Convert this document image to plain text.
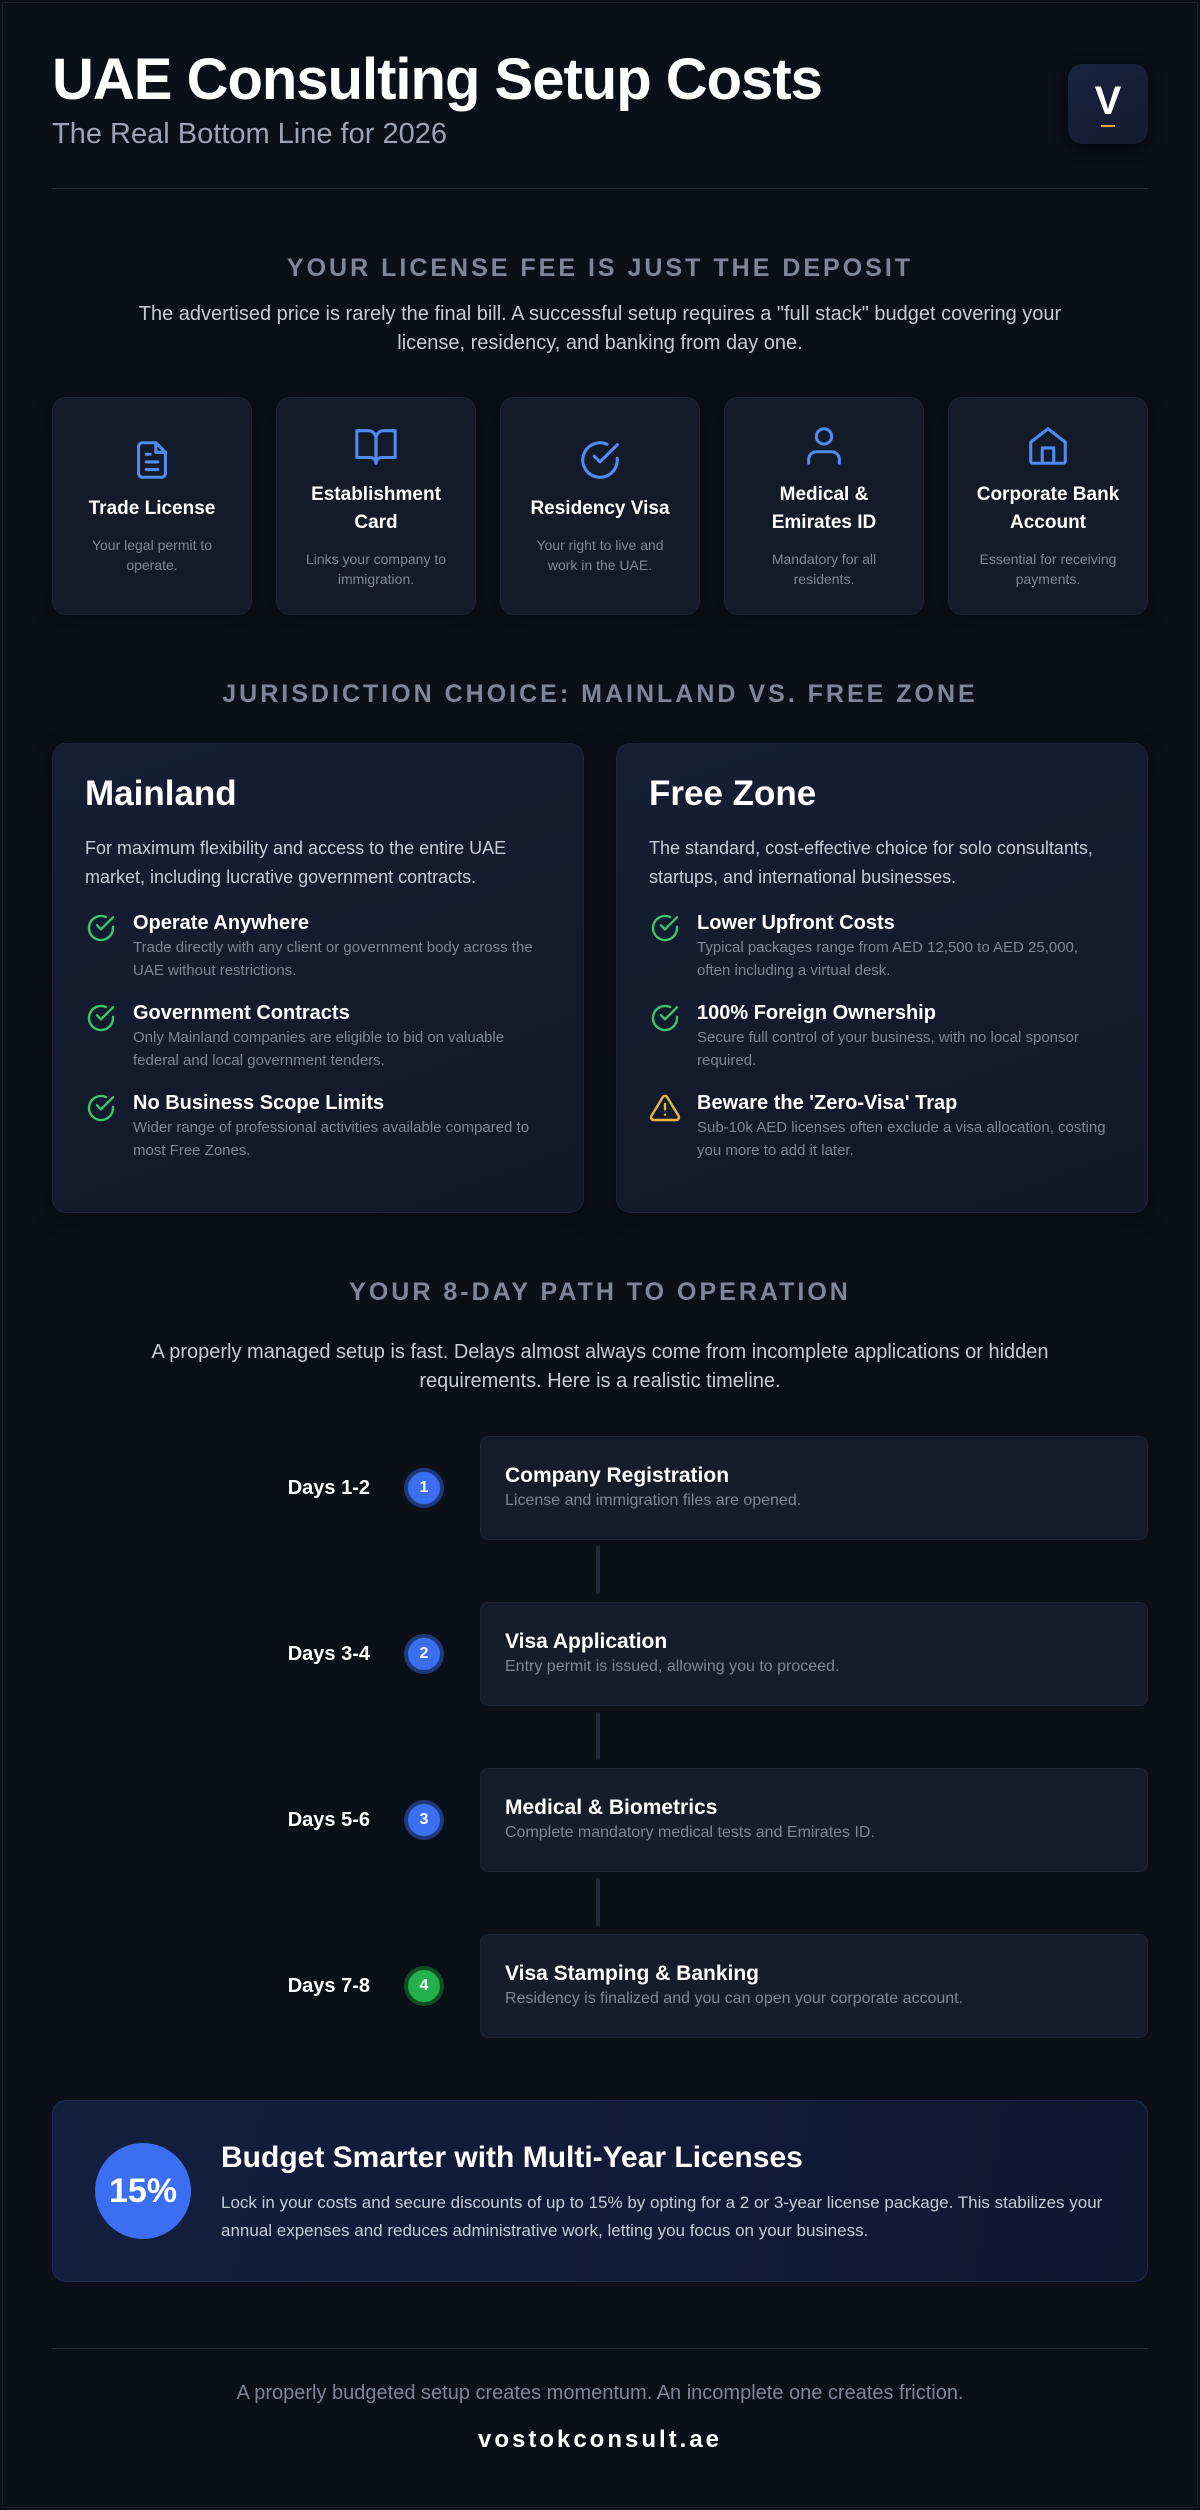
UAE Consulting Setup Costs
The Real Bottom Line for 2026
V
YOUR LICENSE FEE IS JUST THE DEPOSIT
The advertised price is rarely the final bill. A successful setup requires a "full stack" budget covering your license, residency, and banking from day one.
Trade License
Your legal permit to operate.
Establishment Card
Links your company to immigration.
Residency Visa
Your right to live and work in the UAE.
Medical & Emirates ID
Mandatory for all residents.
Corporate Bank Account
Essential for receiving payments.
JURISDICTION CHOICE: MAINLAND VS. FREE ZONE
Mainland
For maximum flexibility and access to the entire UAE market, including lucrative government contracts.
Operate Anywhere
Trade directly with any client or government body across the UAE without restrictions.
Government Contracts
Only Mainland companies are eligible to bid on valuable federal and local government tenders.
No Business Scope Limits
Wider range of professional activities available compared to most Free Zones.
Free Zone
The standard, cost-effective choice for solo consultants, startups, and international businesses.
Lower Upfront Costs
Typical packages range from AED 12,500 to AED 25,000, often including a virtual desk.
100% Foreign Ownership
Secure full control of your business, with no local sponsor required.
Beware the 'Zero-Visa' Trap
Sub-10k AED licenses often exclude a visa allocation, costing you more to add it later.
YOUR 8-DAY PATH TO OPERATION
A properly managed setup is fast. Delays almost always come from incomplete applications or hidden requirements. Here is a realistic timeline.
Days 1-2	1
Company Registration
License and immigration files are opened.
Days 3-4	2
Visa Application
Entry permit is issued, allowing you to proceed.
Days 5-6	3
Medical & Biometrics
Complete mandatory medical tests and Emirates ID.
Days 7-8	4
Visa Stamping & Banking
Residency is finalized and you can open your corporate account.
15%
Budget Smarter with Multi-Year Licenses
Lock in your costs and secure discounts of up to 15% by opting for a 2 or 3-year license package. This stabilizes your annual expenses and reduces administrative work, letting you focus on your business.
A properly budgeted setup creates momentum. An incomplete one creates friction.
vostokconsult.ae
